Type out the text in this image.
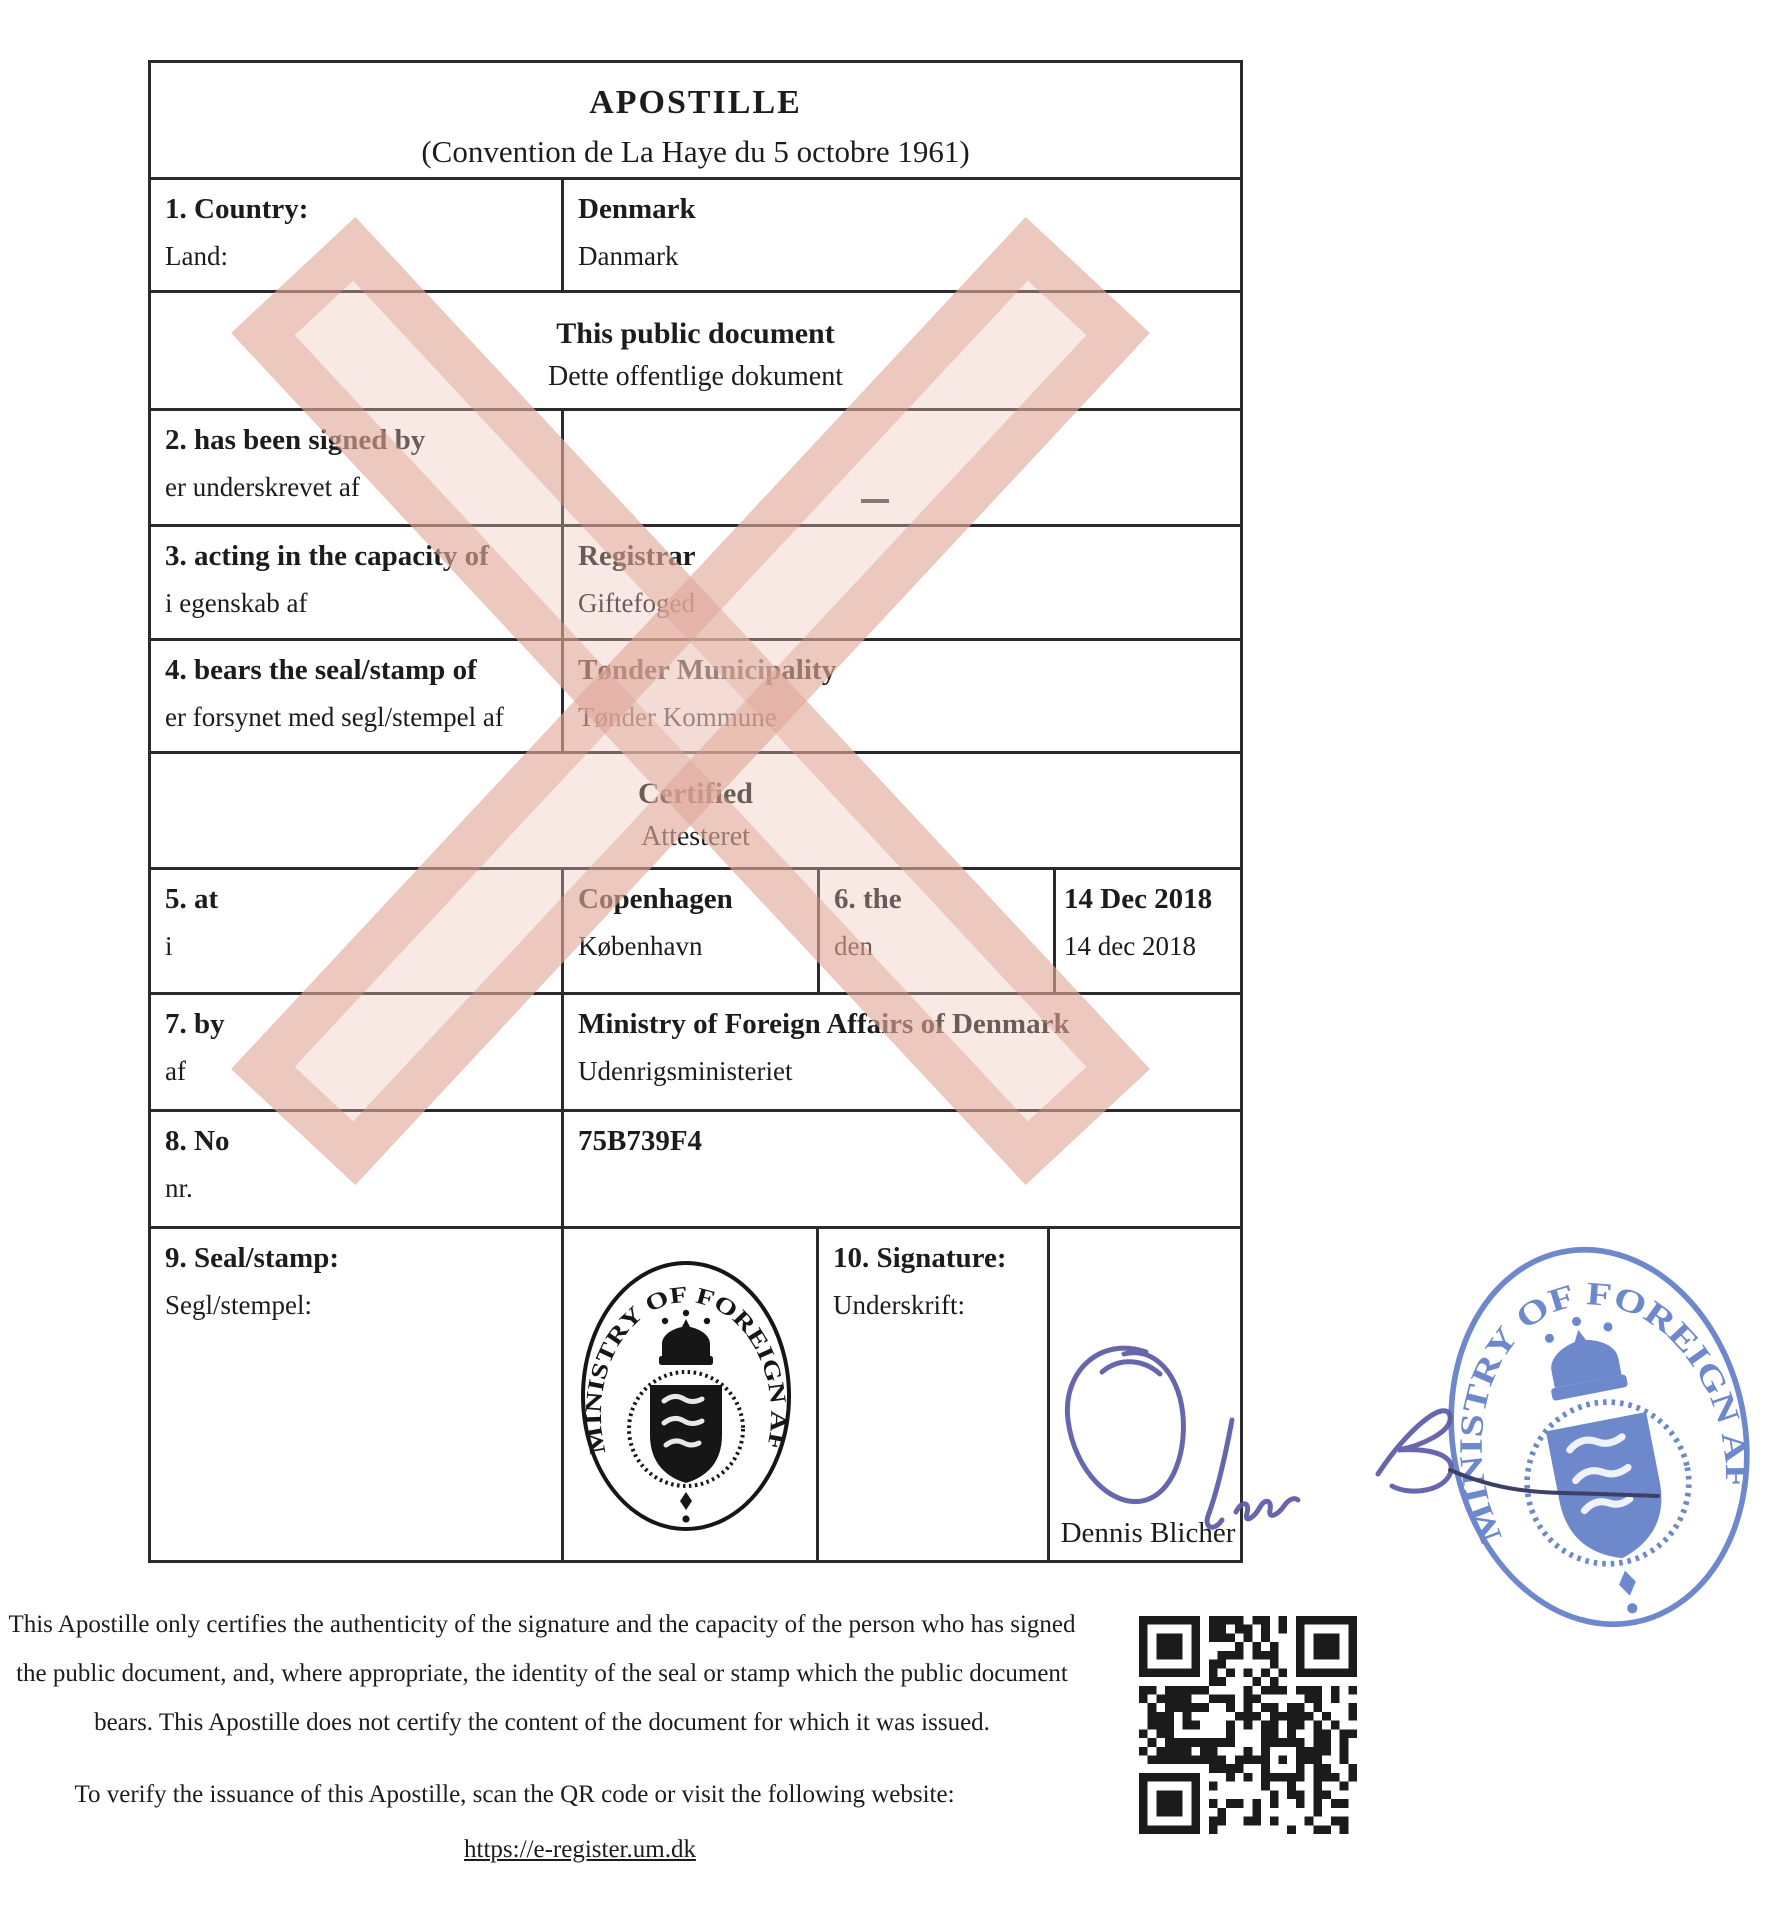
APOSTILLE
(Convention de La Haye du 5 octobre 1961)
1. Country:
Land:
Denmark
Danmark
This public document
Dette offentlige dokument
2. has been signed by
er underskrevet af
3. acting in the capacity of
i egenskab af
Registrar
Giftefoged
4. bears the seal/stamp of
er forsynet med segl/stempel af
Tønder Municipality
Tønder Kommune
Certified
Attesteret
5. at
i
Copenhagen
København
6. the
den
14 Dec 2018
14 dec 2018
7. by
af
Ministry of Foreign Affairs of Denmark
Udenrigsministeriet
8. No
nr.
75B739F4
9. Seal/stamp:
Segl/stempel:
10. Signature:
Underskrift:
Dennis Blicher
This Apostille only certifies the authenticity of the signature and the capacity of the person who has signed the public document, and, where appropriate, the identity of the seal or stamp which the public document bears. This Apostille does not certify the content of the document for which it was issued.
To verify the issuance of this Apostille, scan the QR code or visit the following website:
https://e-register.um.dk
